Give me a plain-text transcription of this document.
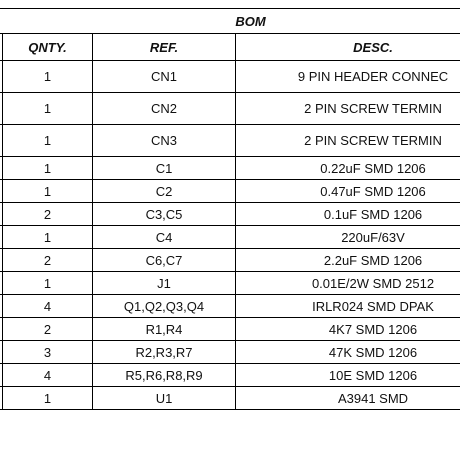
BOM			
	QNTY.	REF.	DESC.
	1	CN1	9 PIN HEADER CONNEC
	1	CN2	2 PIN SCREW TERMIN
	1	CN3	2 PIN SCREW TERMIN
	1	C1	0.22uF SMD 1206
	1	C2	0.47uF SMD 1206
	2	C3,C5	0.1uF SMD 1206
	1	C4	220uF/63V
	2	C6,C7	2.2uF SMD 1206
	1	J1	0.01E/2W SMD 2512
	4	Q1,Q2,Q3,Q4	IRLR024 SMD DPAK
	2	R1,R4	4K7 SMD 1206
	3	R2,R3,R7	47K SMD 1206
	4	R5,R6,R8,R9	10E SMD 1206
	1	U1	A3941 SMD
